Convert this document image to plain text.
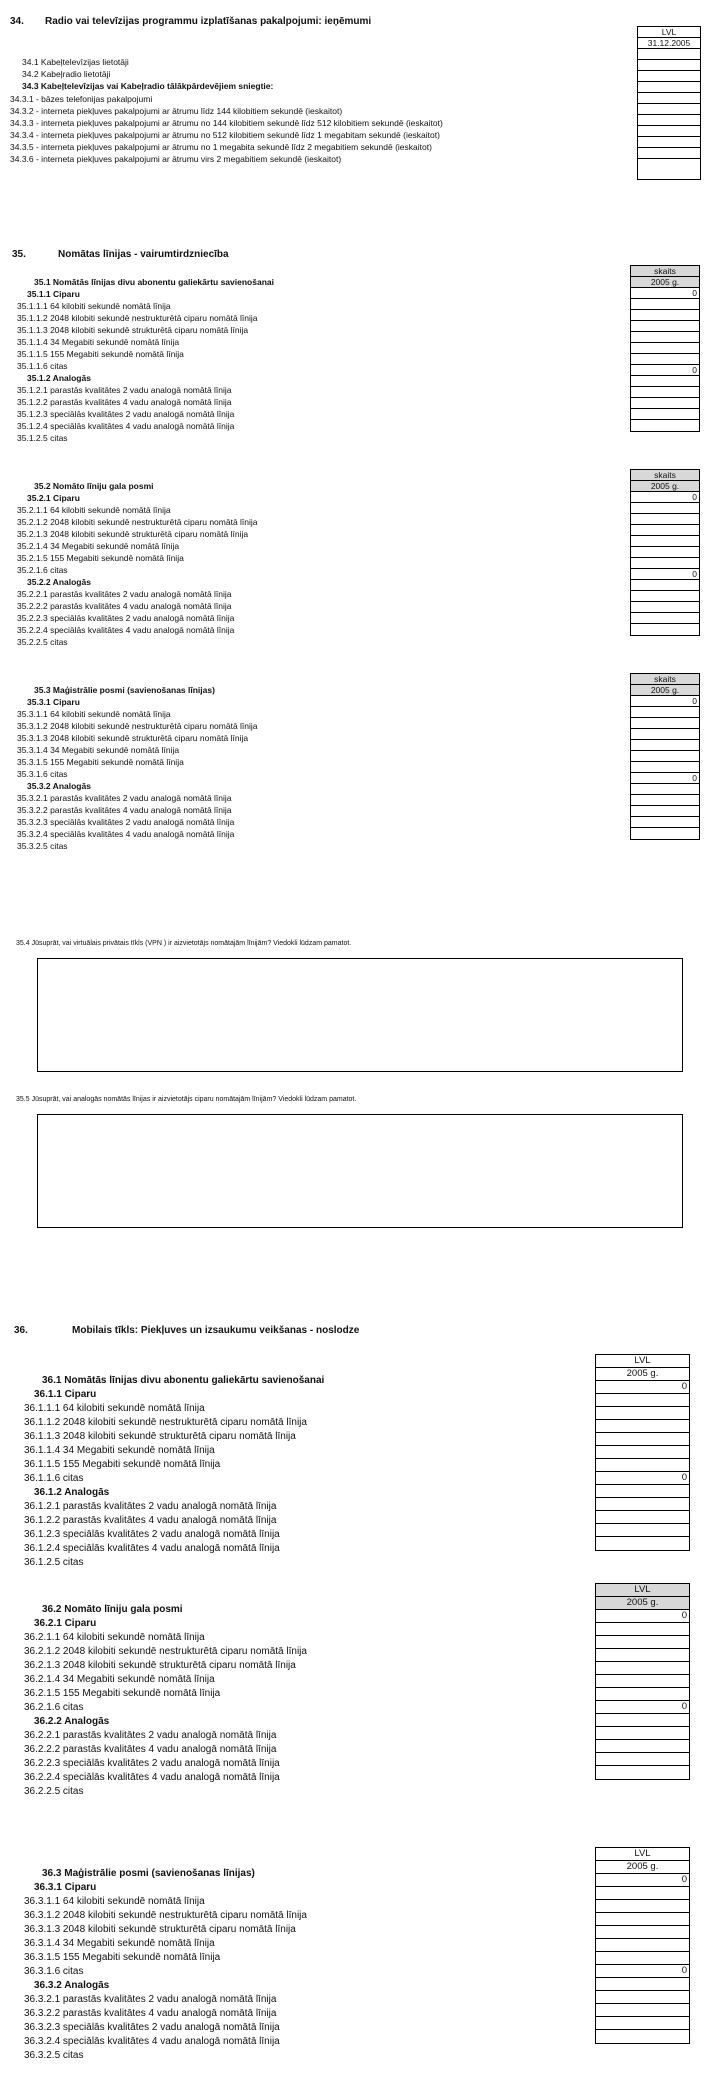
34. Radio vai televīzijas programmu izplatīšanas pakalpojumi: ieņēmumi
34.1 Kabeļtelevīzijas lietotāji
34.2 Kabeļradio lietotāji
34.3 Kabeļtelevīzijas vai Kabeļradio tālākpārdevējiem sniegtie:
34.3.1 - bāzes telefonijas pakalpojumi
34.3.2 - interneta piekļuves pakalpojumi ar ātrumu līdz 144 kilobitiem sekundē (ieskaitot)
34.3.3 - interneta piekļuves pakalpojumi ar ātrumu no 144 kilobitiem sekundē līdz 512 kilobitiem sekundē (ieskaitot)
34.3.4 - interneta piekļuves pakalpojumi ar ātrumu no 512 kilobitiem sekundē līdz 1 megabitam sekundē (ieskaitot)
34.3.5 - interneta piekļuves pakalpojumi ar ātrumu no 1 megabita sekundē līdz 2 megabitiem sekundē (ieskaitot)
34.3.6 - interneta piekļuves pakalpojumi ar ātrumu virs 2 megabitiem sekundē (ieskaitot)
LVL
31.12.2005
35.	Nomātas līnijas - vairumtirdzniecība
35.1 Nomātās līnijas divu abonentu galiekārtu savienošanai
35.1.1 Ciparu
35.1.1.1 64 kilobiti sekundē nomātā līnija
35.1.1.2 2048 kilobiti sekundē nestrukturētā ciparu nomātā līnija
35.1.1.3 2048 kilobiti sekundē strukturētā ciparu nomātā līnija
35.1.1.4 34 Megabiti sekundē nomātā līnija
35.1.1.5 155 Megabiti sekundē nomātā līnija
35.1.1.6 citas
35.1.2 Analogās
35.1.2.1 parastās kvalitātes 2 vadu analogā nomātā līnija
35.1.2.2 parastās kvalitātes 4 vadu analogā nomātā līnija
35.1.2.3 speciālās kvalitātes 2 vadu analogā nomātā līnija
35.1.2.4 speciālās kvalitātes 4 vadu analogā nomātā līnija
35.1.2.5 citas
skaits
2005 g.
0
0
35.2 Nomāto līniju gala posmi
35.2.1 Ciparu
35.2.1.1 64 kilobiti sekundē nomātā līnija
35.2.1.2 2048 kilobiti sekundē nestrukturētā ciparu nomātā līnija
35.2.1.3 2048 kilobiti sekundē strukturētā ciparu nomātā līnija
35.2.1.4 34 Megabiti sekundē nomātā līnija
35.2.1.5 155 Megabiti sekundē nomātā līnija
35.2.1.6 citas
35.2.2 Analogās
35.2.2.1 parastās kvalitātes 2 vadu analogā nomātā līnija
35.2.2.2 parastās kvalitātes 4 vadu analogā nomātā līnija
35.2.2.3 speciālās kvalitātes 2 vadu analogā nomātā līnija
35.2.2.4 speciālās kvalitātes 4 vadu analogā nomātā līnija
35.2.2.5 citas
skaits
2005 g.
0
0
35.3 Maģistrālie posmi (savienošanas līnijas)
35.3.1 Ciparu
35.3.1.1 64 kilobiti sekundē nomātā līnija
35.3.1.2 2048 kilobiti sekundē nestrukturētā ciparu nomātā līnija
35.3.1.3 2048 kilobiti sekundē strukturētā ciparu nomātā līnija
35.3.1.4 34 Megabiti sekundē nomātā līnija
35.3.1.5 155 Megabiti sekundē nomātā līnija
35.3.1.6 citas
35.3.2 Analogās
35.3.2.1 parastās kvalitātes 2 vadu analogā nomātā līnija
35.3.2.2 parastās kvalitātes 4 vadu analogā nomātā līnija
35.3.2.3 speciālās kvalitātes 2 vadu analogā nomātā līnija
35.3.2.4 speciālās kvalitātes 4 vadu analogā nomātā līnija
35.3.2.5 citas
skaits
2005 g.
0
0
35.4 Jūsuprāt, vai virtuālais privātais tīkls (VPN ) ir aizvietotājs nomātajām līnijām? Viedokli lūdzam pamatot.
35.5 Jūsuprāt, vai analogās nomātās līnijas ir aizvietotājs ciparu nomātajām līnijām? Viedokli lūdzam pamatot.
36.	Mobilais tīkls: Piekļuves un izsaukumu veikšanas - noslodze
36.1 Nomātās līnijas divu abonentu galiekārtu savienošanai
36.1.1 Ciparu
36.1.1.1 64 kilobiti sekundē nomātā līnija
36.1.1.2 2048 kilobiti sekundē nestrukturētā ciparu nomātā līnija
36.1.1.3 2048 kilobiti sekundē strukturētā ciparu nomātā līnija
36.1.1.4 34 Megabiti sekundē nomātā līnija
36.1.1.5 155 Megabiti sekundē nomātā līnija
36.1.1.6 citas
36.1.2 Analogās
36.1.2.1 parastās kvalitātes 2 vadu analogā nomātā līnija
36.1.2.2 parastās kvalitātes 4 vadu analogā nomātā līnija
36.1.2.3 speciālās kvalitātes 2 vadu analogā nomātā līnija
36.1.2.4 speciālās kvalitātes 4 vadu analogā nomātā līnija
36.1.2.5 citas
LVL
2005 g.
0
0
36.2 Nomāto līniju gala posmi
36.2.1 Ciparu
36.2.1.1 64 kilobiti sekundē nomātā līnija
36.2.1.2 2048 kilobiti sekundē nestrukturētā ciparu nomātā līnija
36.2.1.3 2048 kilobiti sekundē strukturētā ciparu nomātā līnija
36.2.1.4 34 Megabiti sekundē nomātā līnija
36.2.1.5 155 Megabiti sekundē nomātā līnija
36.2.1.6 citas
36.2.2 Analogās
36.2.2.1 parastās kvalitātes 2 vadu analogā nomātā līnija
36.2.2.2 parastās kvalitātes 4 vadu analogā nomātā līnija
36.2.2.3 speciālās kvalitātes 2 vadu analogā nomātā līnija
36.2.2.4 speciālās kvalitātes 4 vadu analogā nomātā līnija
36.2.2.5 citas
LVL
2005 g.
0
0
36.3 Maģistrālie posmi (savienošanas līnijas)
36.3.1 Ciparu
36.3.1.1 64 kilobiti sekundē nomātā līnija
36.3.1.2 2048 kilobiti sekundē nestrukturētā ciparu nomātā līnija
36.3.1.3 2048 kilobiti sekundē strukturētā ciparu nomātā līnija
36.3.1.4 34 Megabiti sekundē nomātā līnija
36.3.1.5 155 Megabiti sekundē nomātā līnija
36.3.1.6 citas
36.3.2 Analogās
36.3.2.1 parastās kvalitātes 2 vadu analogā nomātā līnija
36.3.2.2 parastās kvalitātes 4 vadu analogā nomātā līnija
36.3.2.3 speciālās kvalitātes 2 vadu analogā nomātā līnija
36.3.2.4 speciālās kvalitātes 4 vadu analogā nomātā līnija
36.3.2.5 citas
LVL
2005 g.
0
0
